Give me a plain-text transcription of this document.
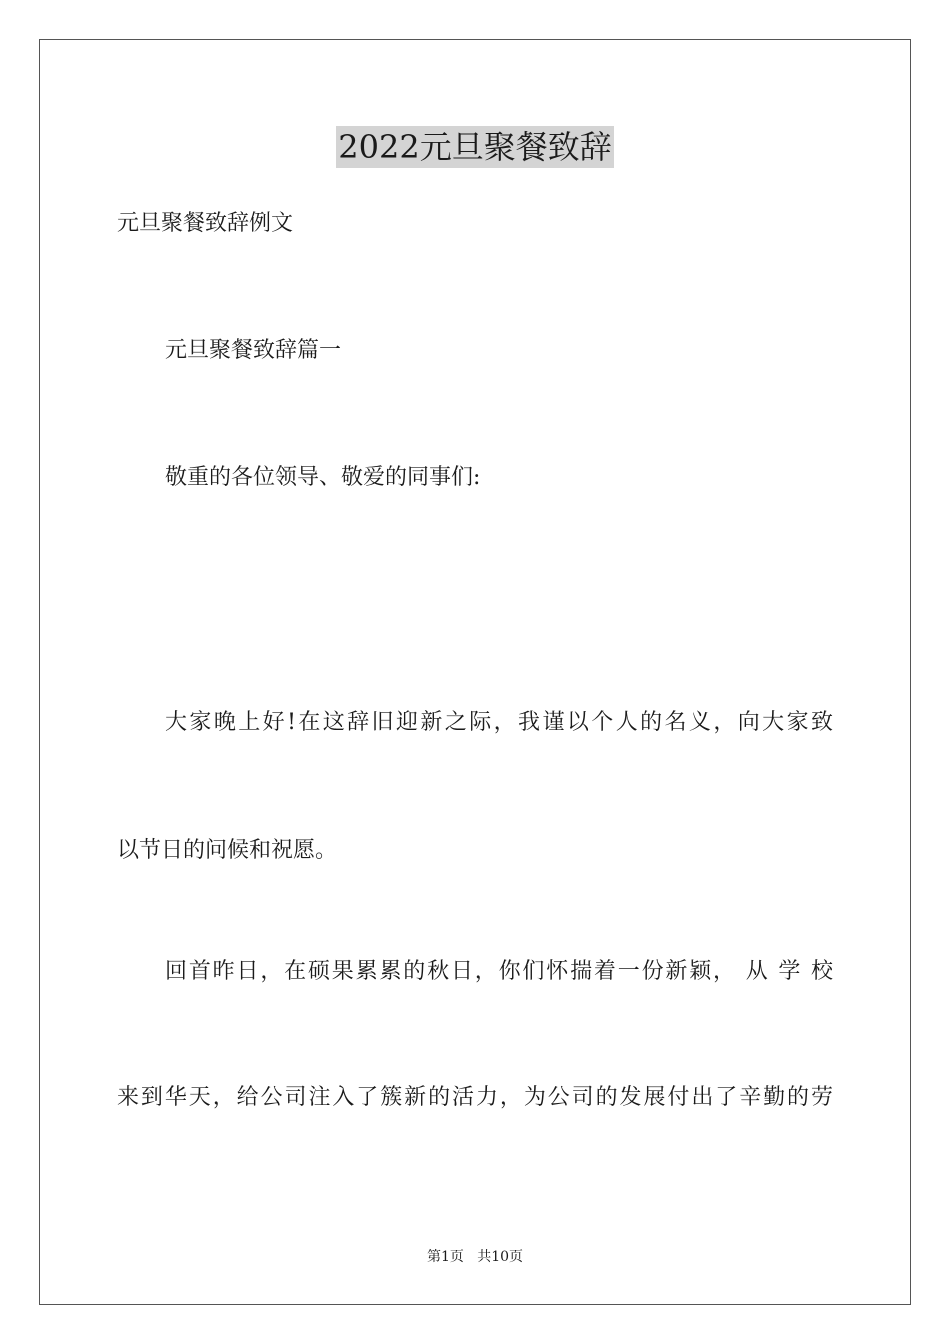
2022元旦聚餐致辞
元旦聚餐致辞例文
元旦聚餐致辞篇一
敬重的各位领导、敬爱的同事们:
大家晚上好!在这辞旧迎新之际，我谨以个人的名义，向大家致
以节日的问候和祝愿。
回首昨日，在硕果累累的秋日，你们怀揣着一份新颖， 从 学 校
来到华天，给公司注入了簇新的活力，为公司的发展付出了辛勤的劳
第1页   共10页
